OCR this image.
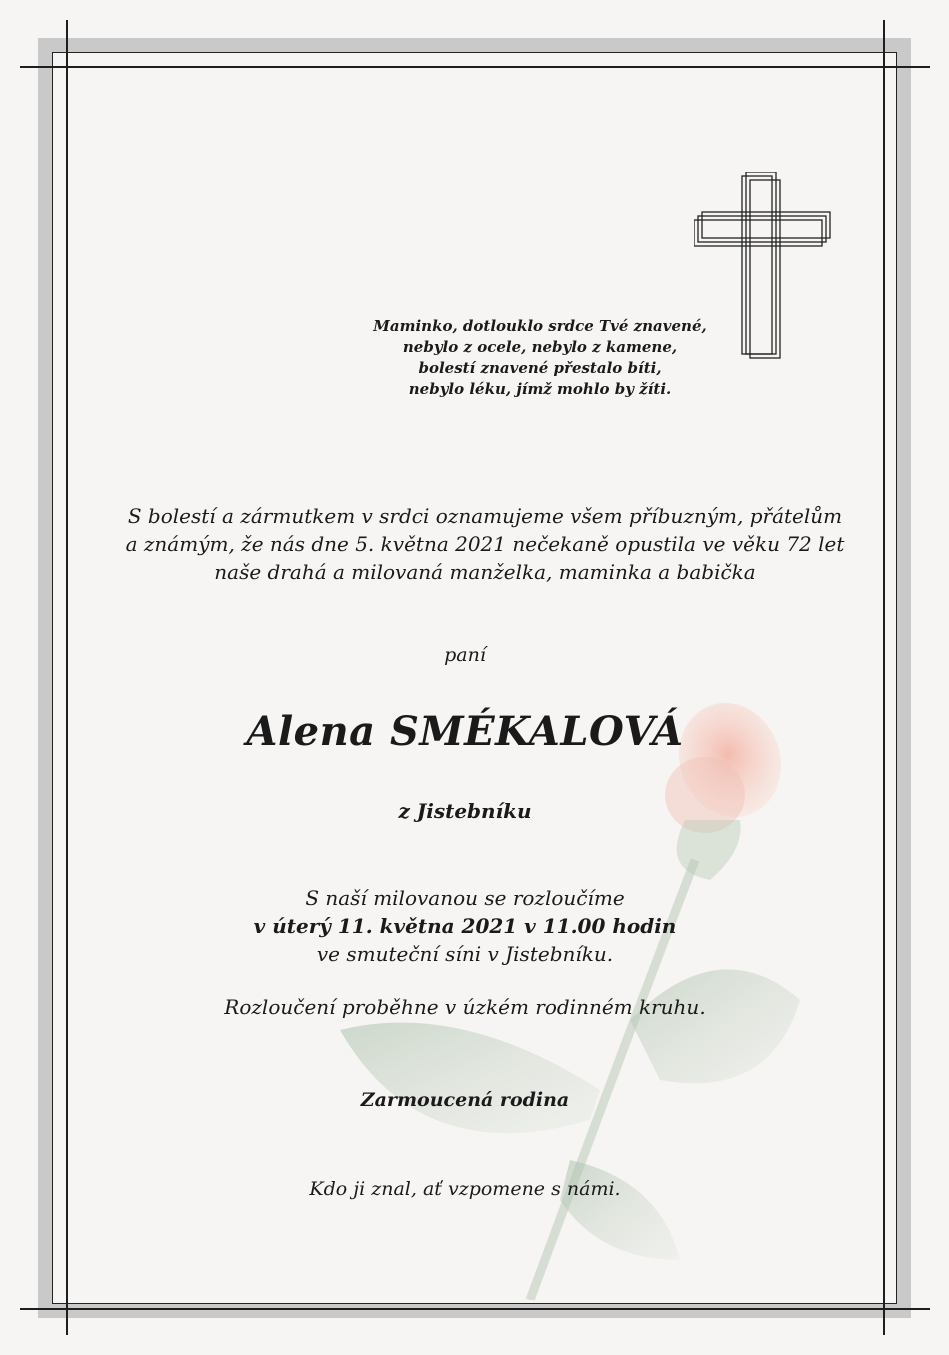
Maminko, dotlouklo srdce Tvé znavené,
nebylo z ocele, nebylo z kamene,
bolestí znavené přestalo bíti,
nebylo léku, jímž mohlo by žíti.
S bolestí a zármutkem v srdci oznamujeme všem příbuzným, přátelům
a známým, že nás dne 5. května 2021 nečekaně opustila ve věku 72 let
naše drahá a milovaná manželka, maminka a babička
paní
Alena SMÉKALOVÁ
z Jistebníku
S naší milovanou se rozloučíme
v úterý 11. května 2021 v 11.00 hodin
ve smuteční síni v Jistebníku.
Rozloučení proběhne v úzkém rodinném kruhu.
Zarmoucená rodina
Kdo ji znal, ať vzpomene s námi.
